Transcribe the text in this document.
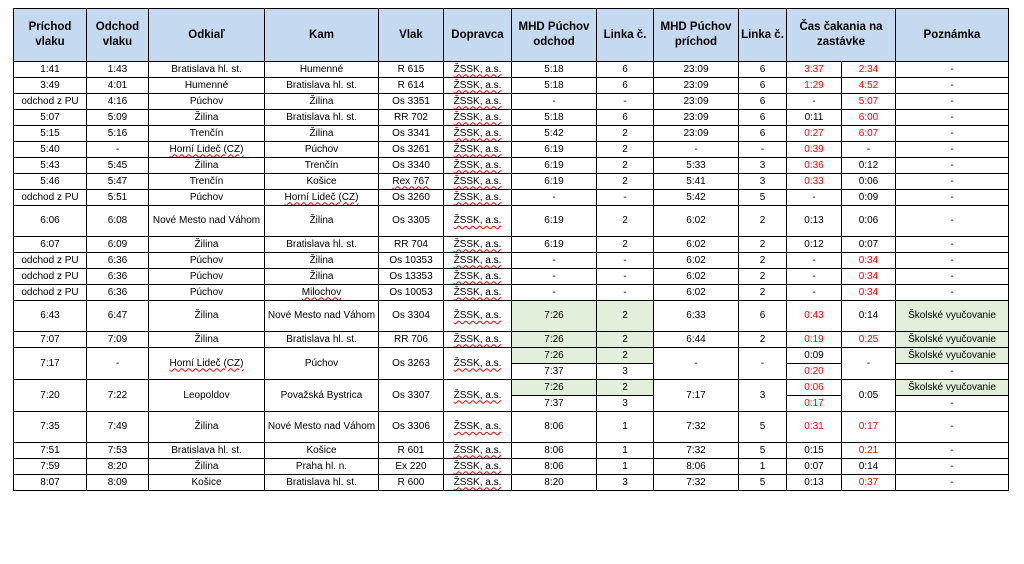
Príchod vlaku	Odchod vlaku	Odkiaľ	Kam	Vlak	Dopravca	MHD Púchov odchod	Linka č.	MHD Púchov príchod	Linka č.	Čas čakania na zastávke		Poznámka
1:41	1:43	Bratislava hl. st.	Humenné	R 615	ŽSSK, a.s.	5:18	6	23:09	6	3:37	2:34	-
3:49	4:01	Humenné	Bratislava hl. st.	R 614	ŽSSK, a.s.	5:18	6	23:09	6	1:29	4:52	-
odchod z PU	4:16	Púchov	Žilina	Os 3351	ŽSSK, a.s.	-	-	23:09	6	-	5:07	-
5:07	5:09	Žilina	Bratislava hl. st.	RR 702	ŽSSK, a.s.	5:18	6	23:09	6	0:11	6:00	-
5:15	5:16	Trenčín	Žilina	Os 3341	ŽSSK, a.s.	5:42	2	23:09	6	0:27	6:07	-
5:40	-	Horní Lideč (CZ)	Púchov	Os 3261	ŽSSK, a.s.	6:19	2	-	-	0:39	-	-
5:43	5:45	Žilina	Trenčín	Os 3340	ŽSSK, a.s.	6:19	2	5:33	3	0:36	0:12	-
5:46	5:47	Trenčín	Košice	Rex 767	ŽSSK, a.s.	6:19	2	5:41	3	0:33	0:06	-
odchod z PU	5:51	Púchov	Horní Lideč (CZ)	Os 3260	ŽSSK, a.s.	-	-	5:42	5	-	0:09	-
6:06	6:08	Nové Mesto nad Váhom	Žilina	Os 3305	ŽSSK, a.s.	6:19	2	6:02	2	0:13	0:06	-
6:07	6:09	Žilina	Bratislava hl. st.	RR 704	ŽSSK, a.s.	6:19	2	6:02	2	0:12	0:07	-
odchod z PU	6:36	Púchov	Žilina	Os 10353	ŽSSK, a.s.	-	-	6:02	2	-	0:34	-
odchod z PU	6:36	Púchov	Žilina	Os 13353	ŽSSK, a.s.	-	-	6:02	2	-	0:34	-
odchod z PU	6:36	Púchov	Milochov	Os 10053	ŽSSK, a.s.	-	-	6:02	2	-	0:34	-
6:43	6:47	Žilina	Nové Mesto nad Váhom	Os 3304	ŽSSK, a.s.	7:26	2	6:33	6	0:43	0:14	Školské vyučovanie
7:07	7:09	Žilina	Bratislava hl. st.	RR 706	ŽSSK, a.s.	7:26	2	6:44	2	0:19	0:25	Školské vyučovanie
7:17	-	Horní Lideč (CZ)	Púchov	Os 3263	ŽSSK, a.s.	7:26	2	-	-	0:09	-	Školské vyučovanie
						7:37	3			0:20		-
7:20	7:22	Leopoldov	Považská Bystrica	Os 3307	ŽSSK, a.s.	7:26	2	7:17	3	0:06	0:05	Školské vyučovanie
						7:37	3			0:17		-
7:35	7:49	Žilina	Nové Mesto nad Váhom	Os 3306	ŽSSK, a.s.	8:06	1	7:32	5	0:31	0:17	-
7:51	7:53	Bratislava hl. st.	Košice	R 601	ŽSSK, a.s.	8:06	1	7:32	5	0:15	0:21	-
7:59	8:20	Žilina	Praha hl. n.	Ex 220	ŽSSK, a.s.	8:06	1	8:06	1	0:07	0:14	-
8:07	8:09	Košice	Bratislava hl. st.	R 600	ŽSSK, a.s.	8:20	3	7:32	5	0:13	0:37	-
